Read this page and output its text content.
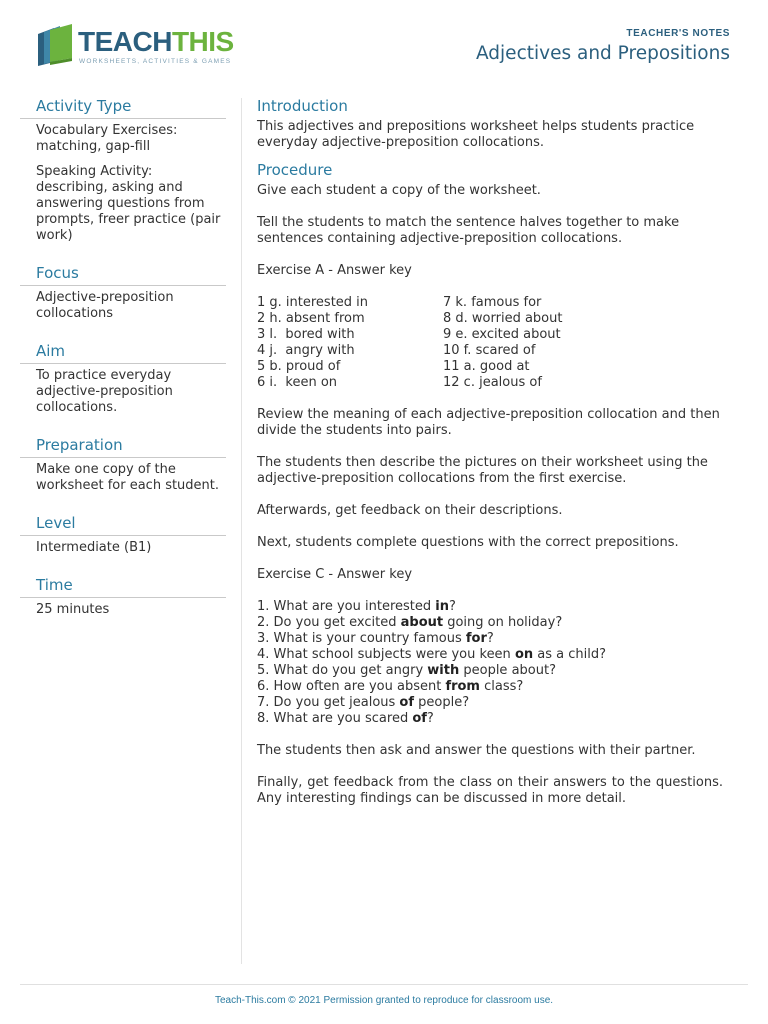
TEACHTHIS
WORKSHEETS, ACTIVITIES & GAMES
TEACHER'S NOTES
Adjectives and Prepositions
Activity Type

Vocabulary Exercises: matching, gap-fill

Speaking Activity: describing, asking and answering questions from prompts, freer practice (pair work)

Focus

Adjective-preposition collocations

Aim

To practice everyday adjective-preposition collocations.

Preparation

Make one copy of the worksheet for each student.

Level

Intermediate (B1)

Time

25 minutes

Introduction
This adjectives and prepositions worksheet helps students practice everyday adjective-preposition collocations.
Procedure
Give each student a copy of the worksheet.
Tell the students to match the sentence halves together to make sentences containing adjective-preposition collocations.
Exercise A - Answer key
1 g. interested in	7 k. famous for
2 h. absent from	8 d. worried about
3 l.  bored with	9 e. excited about
4 j.  angry with	10 f. scared of
5 b. proud of	11 a. good at
6 i.  keen on	12 c. jealous of
Review the meaning of each adjective-preposition collocation and then divide the students into pairs.
The students then describe the pictures on their worksheet using the adjective-preposition collocations from the first exercise.
Afterwards, get feedback on their descriptions.
Next, students complete questions with the correct prepositions.
Exercise C - Answer key
1. What are you interested in?
2. Do you get excited about going on holiday?
3. What is your country famous for?
4. What school subjects were you keen on as a child?
5. What do you get angry with people about?
6. How often are you absent from class?
7. Do you get jealous of people?
8. What are you scared of?
The students then ask and answer the questions with their partner.
Finally, get feedback from the class on their answers to the questions. Any interesting findings can be discussed in more detail.
Teach-This.com © 2021 Permission granted to reproduce for classroom use.
